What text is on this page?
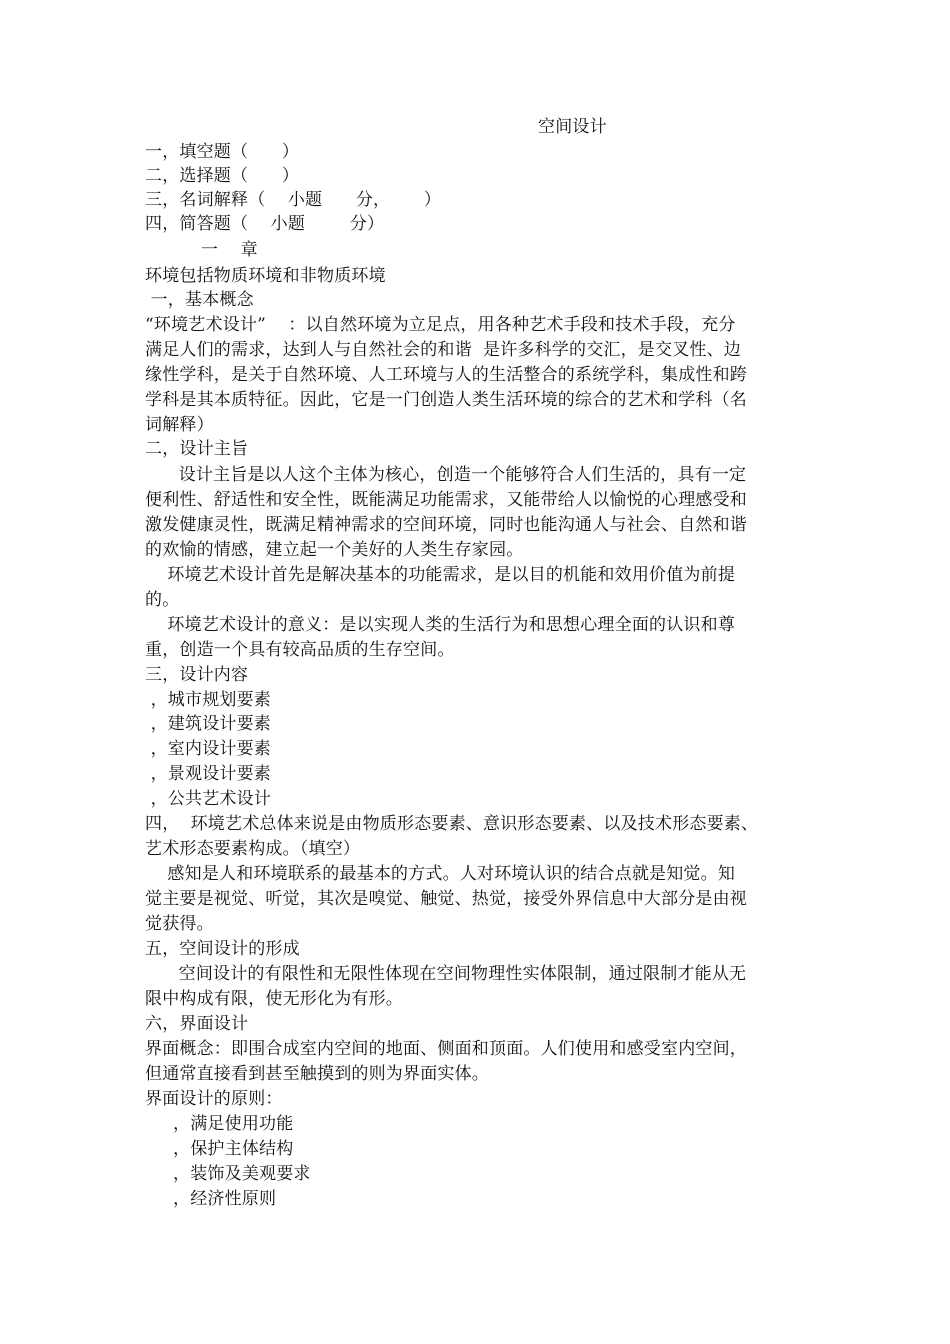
空间设计
一，填空题（      ）
二，选择题（      ）
三，名词解释（    小题      分，      ）
四，简答题（    小题        分）
一    章
环境包括物质环境和非物质环境
一，基本概念
“环境艺术设计”    ：以自然环境为立足点，用各种艺术手段和技术手段，充分
满足人们的需求，达到人与自然社会的和谐  是许多科学的交汇，是交叉性、边
缘性学科，是关于自然环境、人工环境与人的生活整合的系统学科，集成性和跨
学科是其本质特征。因此，它是一门创造人类生活环境的综合的艺术和学科（名
词解释）
二，设计主旨
设计主旨是以人这个主体为核心，创造一个能够符合人们生活的，具有一定
便利性、舒适性和安全性，既能满足功能需求，又能带给人以愉悦的心理感受和
激发健康灵性，既满足精神需求的空间环境，同时也能沟通人与社会、自然和谐
的欢愉的情感，建立起一个美好的人类生存家园。
环境艺术设计首先是解决基本的功能需求，是以目的机能和效用价值为前提
的。
环境艺术设计的意义：是以实现人类的生活行为和思想心理全面的认识和尊
重，创造一个具有较高品质的生存空间。
三，设计内容
，城市规划要素
，建筑设计要素
，室内设计要素
，景观设计要素
，公共艺术设计
四，  环境艺术总体来说是由物质形态要素、意识形态要素、以及技术形态要素、
艺术形态要素构成。（填空）
感知是人和环境联系的最基本的方式。人对环境认识的结合点就是知觉。知
觉主要是视觉、听觉，其次是嗅觉、触觉、热觉，接受外界信息中大部分是由视
觉获得。
五，空间设计的形成
空间设计的有限性和无限性体现在空间物理性实体限制，通过限制才能从无
限中构成有限，使无形化为有形。
六，界面设计
界面概念：即围合成室内空间的地面、侧面和顶面。人们使用和感受室内空间，
但通常直接看到甚至触摸到的则为界面实体。
界面设计的原则：
，满足使用功能
，保护主体结构
，装饰及美观要求
，经济性原则
